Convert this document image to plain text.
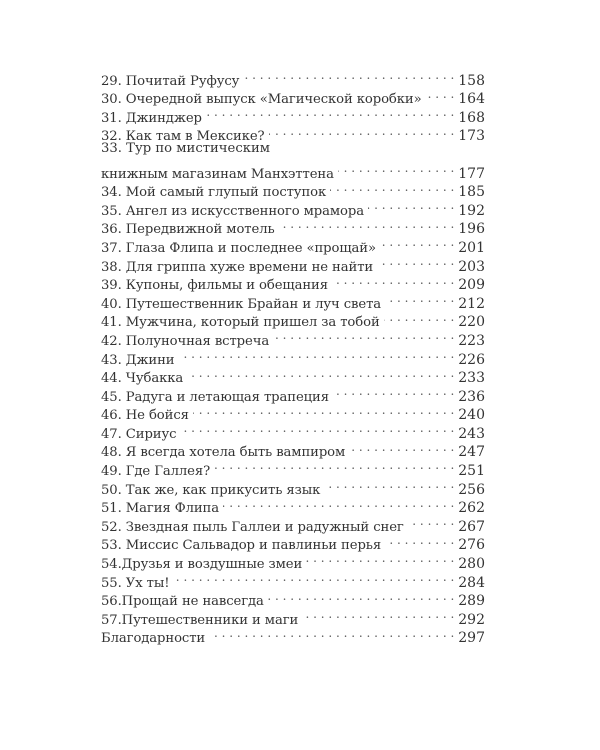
29. Почитай Руфусу . . .	158
30. Очередной выпуск «Магической коробки» . . .	164
31. Джинджер . . .	168
32. Как там в Мексике? . . .	173
33. Тур по мистическим
книжным магазинам Манхэттена . . .	177
34. Мой самый глупый поступок . . .	185
35. Ангел из искусственного мрамора . . .	192
36. Передвижной мотель . . .	196
37. Глаза Флипа и последнее «прощай» . . .	201
38. Для гриппа хуже времени не найти . . .	203
39. Купоны, фильмы и обещания . . .	209
40. Путешественник Брайан и луч света . . .	212
41. Мужчина, который пришел за тобой . . .	220
42. Полуночная встреча . . .	223
43. Джини . . .	226
44. Чубакка . . .	233
45. Радуга и летающая трапеция . . .	236
46. Не бойся . . .	240
47. Сириус . . .	243
48. Я всегда хотела быть вампиром . . .	247
49. Где Галлея? . . .	251
50. Так же, как прикусить язык . . .	256
51. Магия Флипа . . .	262
52. Звездная пыль Галлеи и радужный снег . . .	267
53. Миссис Сальвадор и павлиньи перья . . .	276
54.Друзья и воздушные змеи . . .	280
55. Ух ты! . . .	284
56.Прощай не навсегда . . .	289
57.Путешественники и маги . . .	292
Благодарности . . .	297
